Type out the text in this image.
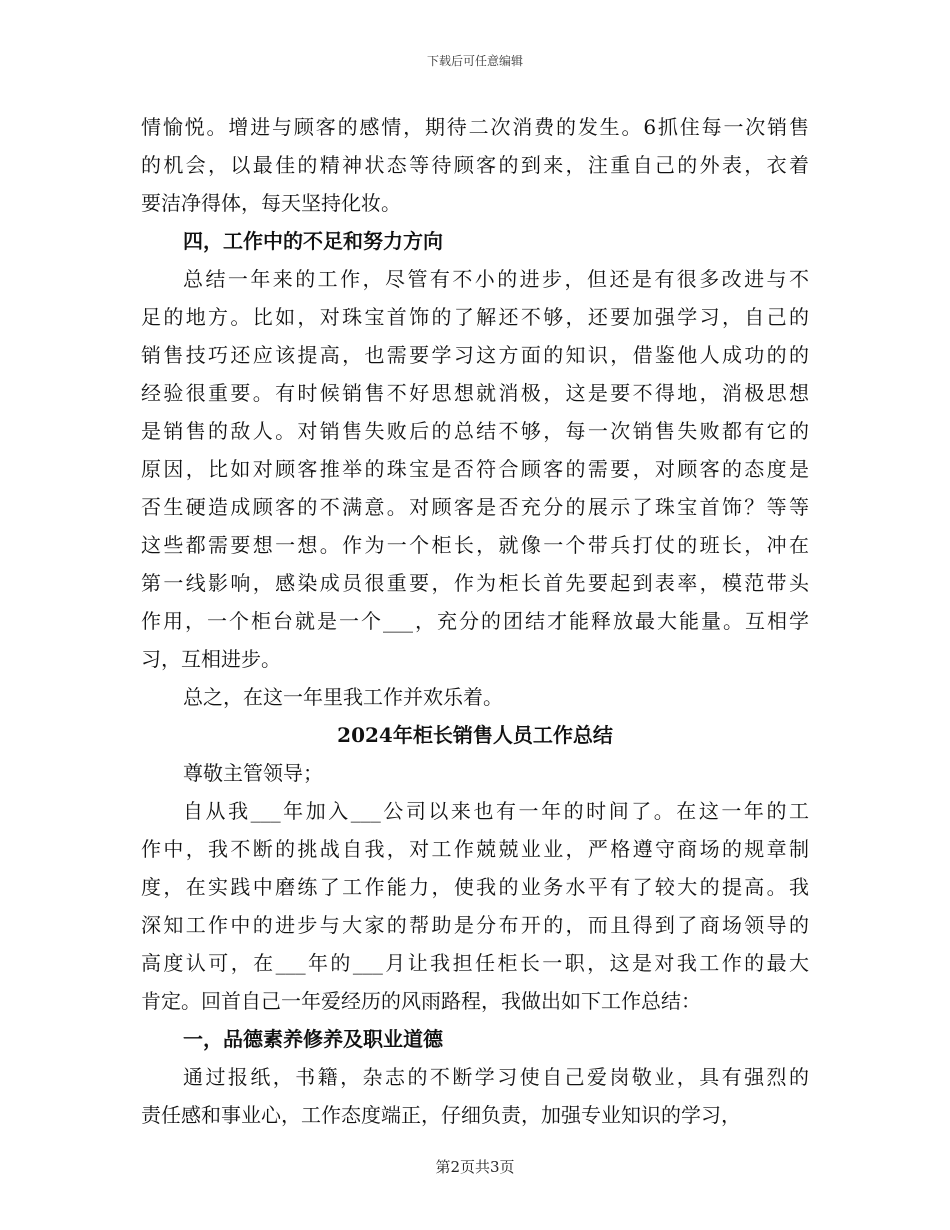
下载后可任意编辑
情愉悦。增进与顾客的感情，期待二次消费的发生。6抓住每一次销售
的机会，以最佳的精神状态等待顾客的到来，注重自己的外表，衣着
要洁净得体，每天坚持化妆。
四，工作中的不足和努力方向
总结一年来的工作，尽管有不小的进步，但还是有很多改进与不
足的地方。比如，对珠宝首饰的了解还不够，还要加强学习，自己的
销售技巧还应该提高，也需要学习这方面的知识，借鉴他人成功的的
经验很重要。有时候销售不好思想就消极，这是要不得地，消极思想
是销售的敌人。对销售失败后的总结不够，每一次销售失败都有它的
原因，比如对顾客推举的珠宝是否符合顾客的需要，对顾客的态度是
否生硬造成顾客的不满意。对顾客是否充分的展示了珠宝首饰？等等
这些都需要想一想。作为一个柜长，就像一个带兵打仗的班长，冲在
第一线影响，感染成员很重要，作为柜长首先要起到表率，模范带头
作用，一个柜台就是一个___，充分的团结才能释放最大能量。互相学
习，互相进步。
总之，在这一年里我工作并欢乐着。
2024年柜长销售人员工作总结
尊敬主管领导；
自从我___年加入___公司以来也有一年的时间了。在这一年的工
作中，我不断的挑战自我，对工作兢兢业业，严格遵守商场的规章制
度，在实践中磨练了工作能力，使我的业务水平有了较大的提高。我
深知工作中的进步与大家的帮助是分布开的，而且得到了商场领导的
高度认可，在___年的___月让我担任柜长一职，这是对我工作的最大
肯定。回首自己一年爱经历的风雨路程，我做出如下工作总结：
一，品德素养修养及职业道德
通过报纸，书籍，杂志的不断学习使自己爱岗敬业，具有强烈的
责任感和事业心，工作态度端正，仔细负责，加强专业知识的学习，
第2页共3页
